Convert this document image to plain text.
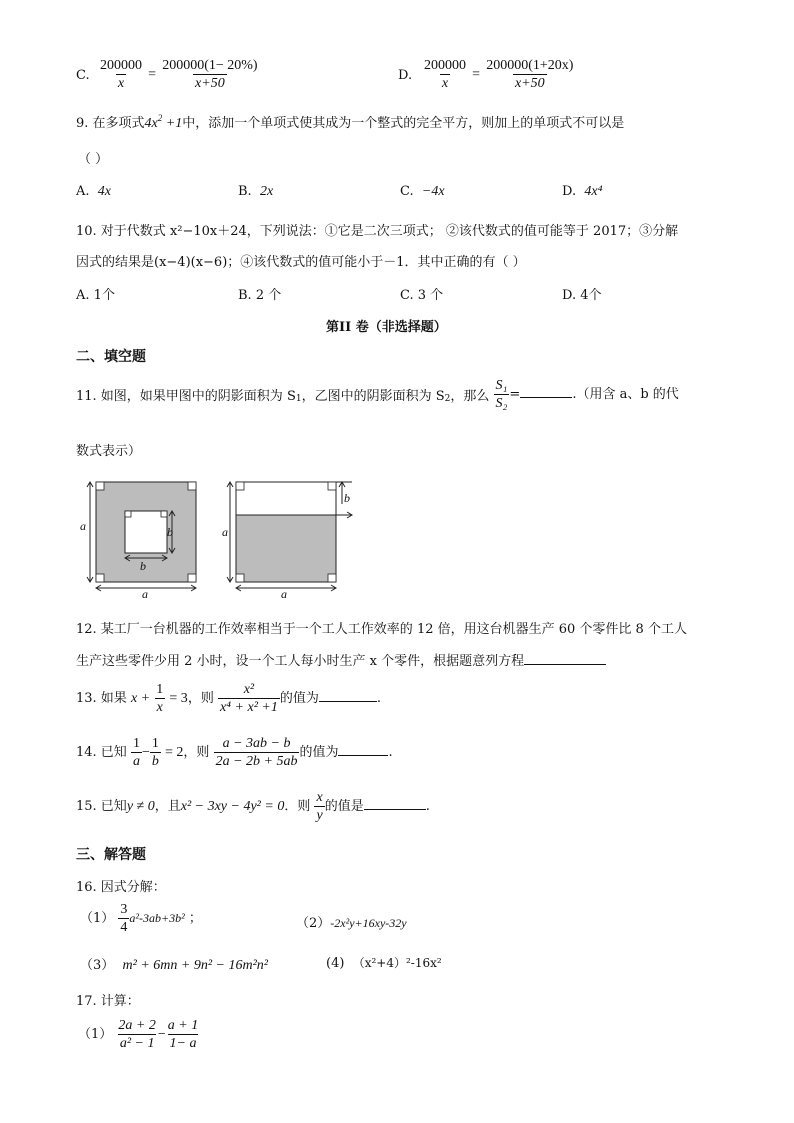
C. $\frac{200000}{x} = \frac{200000(1- 20\%)}{x+50}$	D. $\frac{200000}{x} = \frac{200000(1+20x)}{x+50}$
9. 在多项式$4x^2 +1$中，添加一个单项式使其成为一个整式的完全平方，则加上的单项式不可以是
（ ）
A. 4x	B. 2x	C. −4x	D. 4x⁴
10. 对于代数式 x²−10x＋24，下列说法：①它是二次三项式； ②该代数式的值可能等于 2017；③分解
因式的结果是(x−4)(x−6)；④该代数式的值可能小于－1．其中正确的有（ ）
A. 1个	B. 2 个	C. 3 个	D. 4个
第II 卷（非选择题）
二、填空题
11. 如图，如果甲图中的阴影面积为 $S_1$，乙图中的阴影面积为 $S_2$，那么 $\frac{\text{S₁}}{\text{S₂}}$ =	.（用含 a、b 的代
数式表示）
a
a
b
b
b
a
a
12. 某工厂一台机器的工作效率相当于一个工人工作效率的 12 倍，用这台机器生产 60 个零件比 8 个工人
生产这些零件少用 2 小时，设一个工人每小时生产 x 个零件，根据题意列方程
13. 如果 $x + \frac{1}{x} = 3$，则 $\frac{\text{x²}}{\text{x⁴ + x² +1}}$ 的值为	.
14. 已知 $\frac{1}{a} - \frac{1}{b} = 2$，则 $\frac{a - 3ab - b}{2a - 2b + 5ab}$ 的值为	.
15. 已知y ≠ 0，且x² − 3xy − 4y² = 0．则 $\frac{x}{y}$ 的值是	.
三、解答题
16. 因式分解：
$(1) \frac{3}{4} a^2-3ab+3b^2$ ；	（2）-2x²y+16xy-32y
（3） m² + 6mn + 9n² − 16m²n²	(4) （x²+4）²-16x²
17. 计算：
$(1) \frac{2a + 2}{\text{a² − 1}} - \frac{a + 1}{1- a}$
